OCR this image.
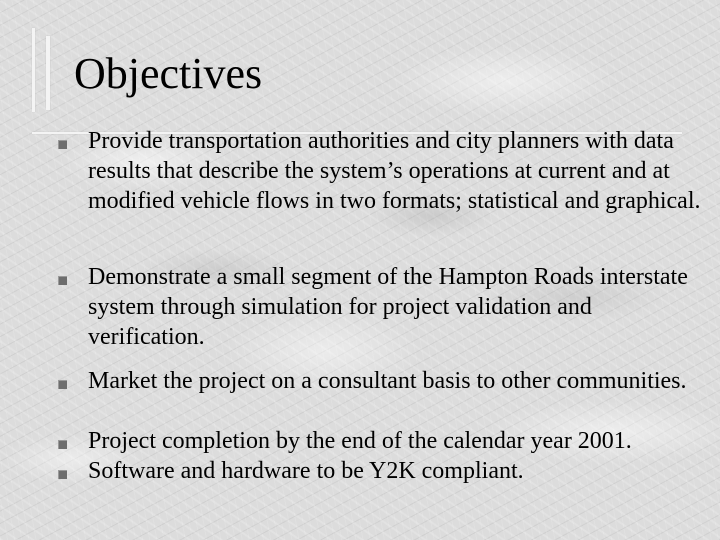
Objectives
Provide transportation authorities and city planners with data results that describe the system’s operations at current and at modified vehicle flows in two formats; statistical and graphical.
Demonstrate a small segment of the Hampton Roads interstate system through simulation for project validation and verification.
Market the project on a consultant basis to other communities.
Project completion by the end of the calendar year 2001.
Software and hardware to be Y2K compliant.
